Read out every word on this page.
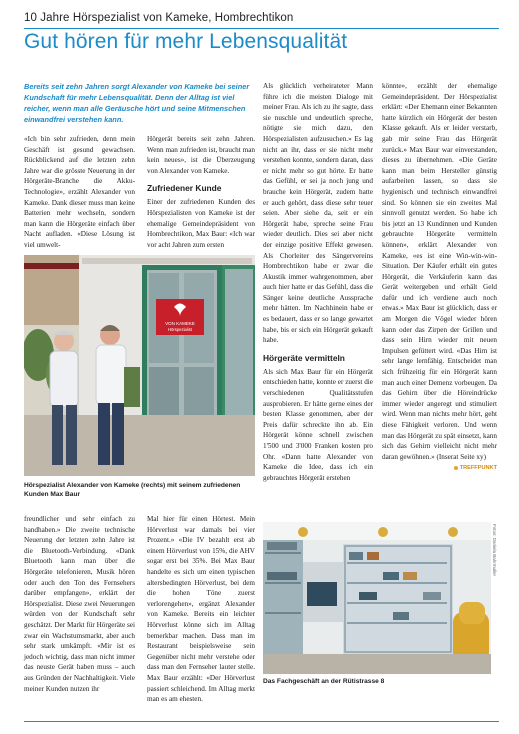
10 Jahre Hörspezialist von Kameke, Hombrechtikon
Gut hören für mehr Lebensqualität
Bereits seit zehn Jahren sorgt Alexander von Kameke bei seiner Kundschaft für mehr Lebensqualität. Denn der Alltag ist viel reicher, wenn man alle Geräusche hört und seine Mitmenschen einwandfrei verstehen kann.

«Ich bin sehr zufrieden, denn mein Geschäft ist gesund gewachsen. Rückblickend auf die letzten zehn Jahre war die grösste Neuerung in der Hörgeräte-Branche die Akku-Technologie», erzählt Alexander von Kameke. Dank dieser muss man keine Batterien mehr wechseln, sondern man kann die Hörgeräte einfach über Nacht aufladen. «Diese Lösung ist viel umwelt-

Hörgerät bereits seit zehn Jahren. Wenn man zufrieden ist, braucht man kein neues», ist die Überzeugung von Alexander von Kameke.

Zufriedener Kunde

Einer der zufriedenen Kunden des Hörspezialisten von Kameke ist der ehemalige Gemeindepräsident von Hombrechtikon, Max Baur: «Ich war vor acht Jahren zum ersten

VON KAMEKE
Hörspezialist
Hörspezialist Alexander von Kameke (rechts) mit seinem zufriedenen Kunden Max Baur

freundlicher und sehr einfach zu handhaben.» Die zweite technische Neuerung der letzten zehn Jahre ist die Bluetooth-Verbindung. «Dank Bluetooth kann man über die Hörgeräte telefonieren, Musik hören oder auch den Ton des Fernsehers darüber empfangen», erklärt der Hörspezialist. Diese zwei Neuerungen würden von der Kundschaft sehr geschätzt. Der Markt für Hörgeräte sei zwar ein Wachstumsmarkt, aber auch sehr stark umkämpft. «Mir ist es jedoch wichtig, dass man nicht immer das neuste Gerät haben muss – auch aus Gründen der Nachhaltigkeit. Viele meiner Kunden nutzen ihr

Mal hier für einen Hörtest. Mein Hörverlust war damals bei vier Prozent.» «Die IV bezahlt erst ab einem Hörverlust von 15%, die AHV sogar erst bei 35%. Bei Max Baur handelte es sich um einen typischen altersbedingten Hörverlust, bei dem die hohen Töne zuerst verlorengehen», ergänzt Alexander von Kameke. Bereits ein leichter Hörverlust könne sich im Alltag bemerkbar machen. Dass man im Restaurant beispielsweise sein Gegenüber nicht mehr verstehe oder dass man den Fernseher lauter stelle. Max Baur erzählt: «Der Hörverlust passiert schleichend. Im Alltag merkt man es am ehesten.

Als glücklich verheirateter Mann führe ich die meisten Dialoge mit meiner Frau. Als ich zu ihr sagte, dass sie nuschle und undeutlich spreche, nötigte sie mich dazu, den Hörspezialisten aufzusuchen.» Es lag nicht an ihr, dass er sie nicht mehr verstehen konnte, sondern daran, dass er nicht mehr so gut hörte. Er hatte das Gefühl, er sei ja noch jung und brauche kein Hörgerät, zudem hatte er auch gehört, dass diese sehr teuer seien. Aber siehe da, seit er ein Hörgerät habe, spreche seine Frau wieder deutlich. Dies sei aber nicht der einzige positive Effekt gewesen. Als Chorleiter des Sängervereins Hombrechtikon habe er zwar die Akustik immer wahrgenommen, aber auch hier hatte er das Gefühl, dass die Sänger keine deutliche Aussprache mehr hätten. Im Nachhinein habe er es bedauert, dass er so lange gewartet habe, bis er sich ein Hörgerät gekauft habe.

Hörgeräte vermitteln

Als sich Max Baur für ein Hörgerät entschieden hatte, konnte er zuerst die verschiedenen Qualitätsstufen ausprobieren. Er hätte gerne eines der besten Klasse genommen, aber der Preis dafür schreckte ihn ab. Ein Hörgerät könne schnell zwischen 1'500 und 3'000 Franken kosten pro Ohr. «Dann hatte Alexander von Kameke die Idee, dass ich ein gebrauchtes Hörgerät erstehen

könnte», erzählt der ehemalige Gemeindepräsident. Der Hörspezialist erklärt: «Der Ehemann einer Bekannten hatte kürzlich ein Hörgerät der besten Klasse gekauft. Als er leider verstarb, gab mir seine Frau das Hörgerät zurück.» Max Baur war einverstanden, dieses zu übernehmen. «Die Geräte kann man beim Hersteller günstig aufarbeiten lassen, so dass sie hygienisch und technisch einwandfrei sind. So können sie ein zweites Mal sinnvoll genutzt werden. So habe ich bis jetzt an 13 Kundinnen und Kunden gebrauchte Hörgeräte vermitteln können», erklärt Alexander von Kameke, «es ist eine Win-win-win-Situation. Der Käufer erhält ein gutes Hörgerät, die Verkäuferin kann das Gerät weitergeben und erhält Geld dafür und ich verdiene auch noch etwas.» Max Baur ist glücklich, dass er am Morgen die Vögel wieder hören kann oder das Zirpen der Grillen und dass sein Hirn wieder mit neuen Impulsen gefüttert wird. «Das Hirn ist sehr lange lernfähig. Entscheidet man sich frühzeitig für ein Hörgerät kann man auch einer Demenz vorbeugen. Da das Gehirn über die Höreindrücke immer wieder angeregt und stimuliert wird. Wenn man nichts mehr hört, geht diese Fähigkeit verloren. Und wenn man das Hörgerät zu spät einsetzt, kann sich das Gehirn vielleicht nicht mehr daran gewöhnen.» (Inserat Seite xy)

TREFFPUNKT
Das Fachgeschäft an der Rütistrasse 8
Fotos: Daniela Bahrmuller
